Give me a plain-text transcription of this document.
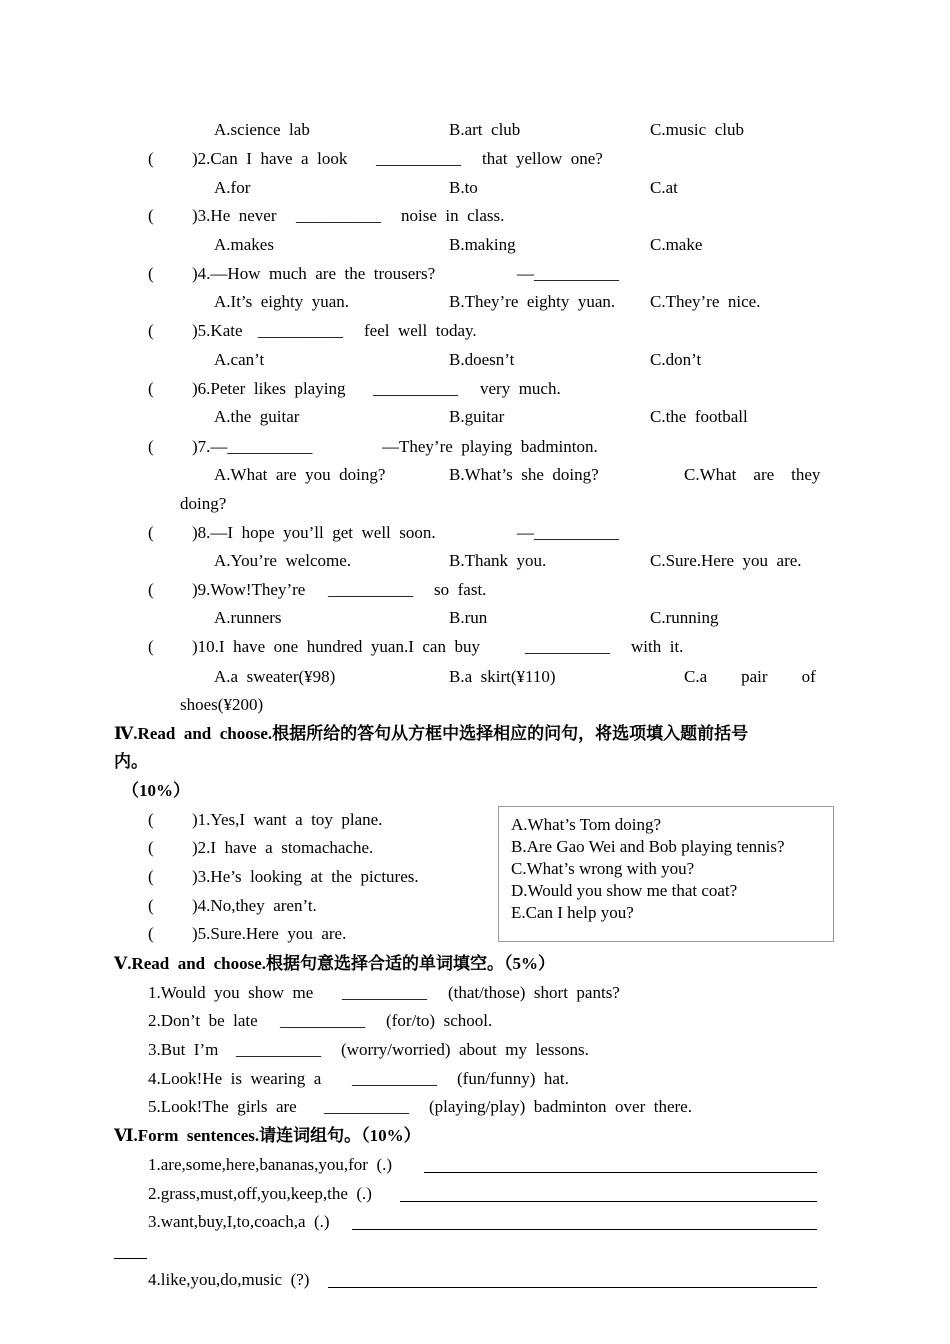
A.science  lab	B.art  club	C.music  club
( )2.Can  I  have  a  look __________ that  yellow  one?
A.for	B.to	C.at
( )3.He  never __________ noise  in  class.
A.makes	B.making	C.make
( )4.—How  much  are  the  trousers?	—__________
A.It’s  eighty  yuan.	B.They’re  eighty  yuan. C.They’re  nice.
( )5.Kate __________ feel  well  today.
A.can’t	B.doesn’t	C.don’t
( )6.Peter  likes  playing __________ very  much.
A.the  guitar	B.guitar	C.the  football
( )7.—__________	—They’re  playing  badminton.
A.What  are  you  doing?	B.What’s  she  doing?	C.What    are    they
doing?
( )8.—I  hope  you’ll  get  well  soon.	—__________
A.You’re  welcome.	B.Thank  you.	C.Sure.Here  you  are.
( )9.Wow!They’re __________ so  fast.
A.runners	B.run	C.running
( )10.I  have  one  hundred  yuan.I  can  buy	__________ with  it.
A.a  sweater(¥98)	B.a  skirt(¥110)	C.a        pair        of
shoes(¥200)
Ⅳ.Read  and  choose.根据所给的答句从方框中选择相应的问句，将选项填入题前括号
内。
（10%）
( )1.Yes,I  want  a  toy  plane.
( )2.I  have  a  stomachache.
( )3.He’s  looking  at  the  pictures.
( )4.No,they  aren’t.
( )5.Sure.Here  you  are.
A.What’s Tom doing?
B.Are Gao Wei and Bob playing tennis?
C.What’s wrong with you?
D.Would you show me that coat?
E.Can I help you?
Ⅴ.Read  and  choose.根据句意选择合适的单词填空。（5%）
1.Would  you  show  me __________ (that/those)  short  pants?
2.Don’t  be  late __________ (for/to)  school.
3.But  I’m __________ (worry/worried)  about  my  lessons.
4.Look!He  is  wearing  a __________ (fun/funny)  hat.
5.Look!The  girls  are __________ (playing/play)  badminton  over  there.
Ⅵ.Form  sentences.请连词组句。（10%）
1.are,some,here,bananas,you,for  (.)
2.grass,must,off,you,keep,the  (.)
3.want,buy,I,to,coach,a  (.)
4.like,you,do,music  (?)
